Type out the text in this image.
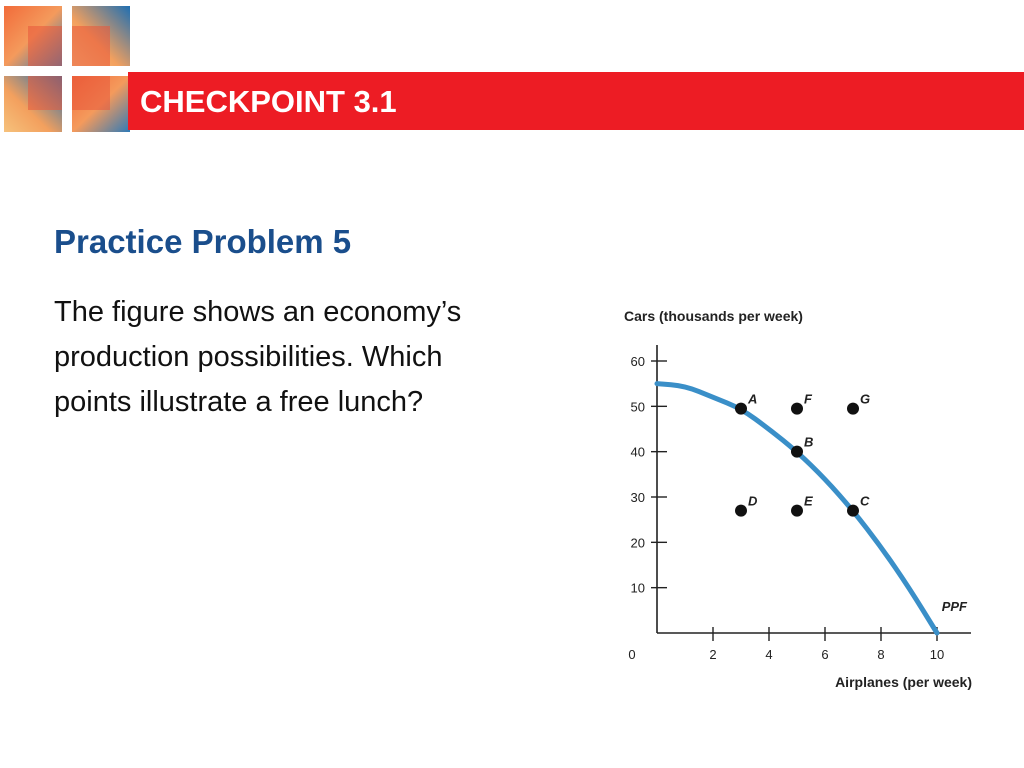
CHECKPOINT 3.1
Practice Problem 5
The figure shows an economy’s production possibilities. Which points illustrate a free lunch?
Cars (thousands per week)
Airplanes (per week)
0
10
20
30
40
50
60
2	4	6	8	10
PPF
A	F	G
B
D	E	C
